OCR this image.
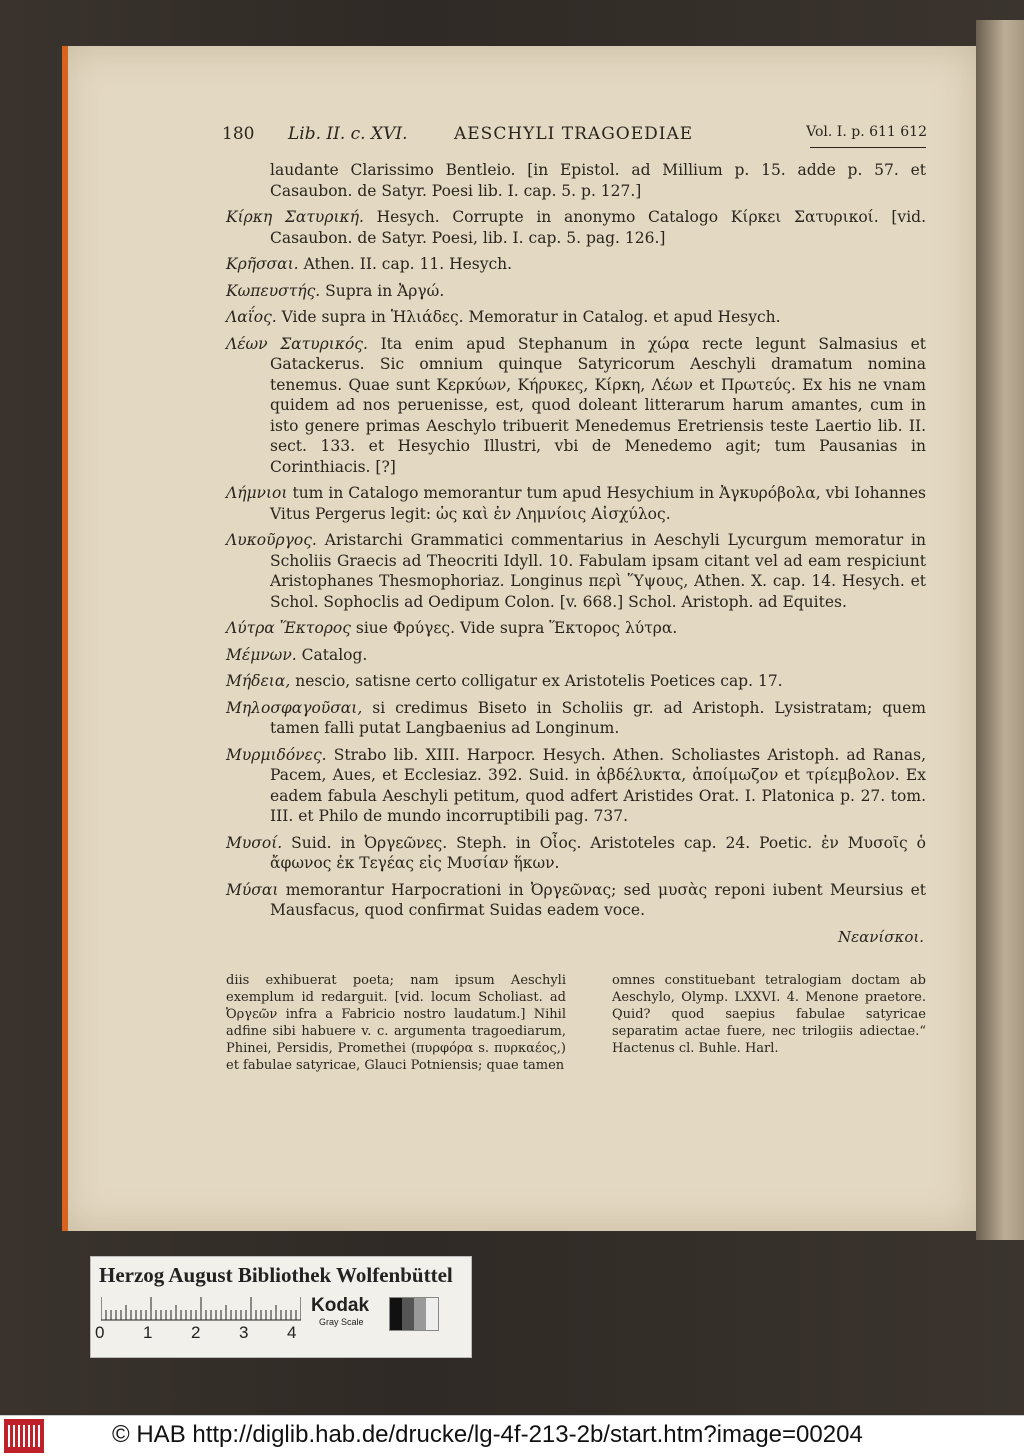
180 Lib. II. c. XVI.	AESCHYLI TRAGOEDIAE	Vol. I. p. 611 612

laudante Clarissimo Bentleio. [in Epistol. ad Millium p. 15. adde p. 57. et Casaubon. de Satyr. Poesi lib. I. cap. 5. p. 127.]

Κίρκη Σατυρική. Hesych. Corrupte in anonymo Catalogo Κίρκει Σατυρικοί. [vid. Casaubon. de Satyr. Poesi, lib. I. cap. 5. pag. 126.]

Κρῆσσαι. Athen. II. cap. 11. Hesych.

Κωπευστής. Supra in Ἀργώ.

Λαΐος. Vide supra in Ἡλιάδες. Memoratur in Catalog. et apud Hesych.

Λέων Σατυρικός. Ita enim apud Stephanum in χώρα recte legunt Salmasius et Gatackerus. Sic omnium quinque Satyricorum Aeschyli dramatum nomina tenemus. Quae sunt Κερκύων, Κήρυκες, Κίρκη, Λέων et Πρωτεύς. Ex his ne vnam quidem ad nos peruenisse, est, quod doleant litterarum harum amantes, cum in isto genere primas Aeschylo tribuerit Menedemus Eretriensis teste Laertio lib. II. sect. 133. et Hesychio Illustri, vbi de Menedemo agit; tum Pausanias in Corinthiacis. [?]

Λήμνιοι tum in Catalogo memorantur tum apud Hesychium in Ἀγκυρόβολα, vbi Iohannes Vitus Pergerus legit: ὡς καὶ ἐν Λημνίοις Αἰσχύλος.

Λυκοῦργος. Aristarchi Grammatici commentarius in Aeschyli Lycurgum memoratur in Scholiis Graecis ad Theocriti Idyll. 10. Fabulam ipsam citant vel ad eam respiciunt Aristophanes Thesmophoriaz. Longinus περὶ Ὕψους, Athen. X. cap. 14. Hesych. et Schol. Sophoclis ad Oedipum Colon. [v. 668.] Schol. Aristoph. ad Equites.

Λύτρα Ἕκτορος siue Φρύγες. Vide supra Ἕκτορος λύτρα.

Μέμνων. Catalog.

Μήδεια, nescio, satisne certo colligatur ex Aristotelis Poetices cap. 17.

Μηλοσφαγοῦσαι, si credimus Biseto in Scholiis gr. ad Aristoph. Lysistratam; quem tamen falli putat Langbaenius ad Longinum.

Μυρμιδόνες. Strabo lib. XIII. Harpocr. Hesych. Athen. Scholiastes Aristoph. ad Ranas, Pacem, Aues, et Ecclesiaz. 392. Suid. in ἀβδέλυκτα, ἀποίμωζον et τρίεμβολον. Ex eadem fabula Aeschyli petitum, quod adfert Aristides Orat. I. Platonica p. 27. tom. III. et Philo de mundo incorruptibili pag. 737.

Μυσοί. Suid. in Ὀργεῶνες. Steph. in Οἶος. Aristoteles cap. 24. Poetic. ἐν Μυσοῖς ὁ ἄφωνος ἐκ Τεγέας εἰς Μυσίαν ἥκων.

Μύσαι memorantur Harpocrationi in Ὀργεῶνας; sed μυσὰς reponi iubent Meursius et Mausfacus, quod confirmat Suidas eadem voce.

Νεανίσκοι.
diis exhibuerat poeta; nam ipsum Aeschyli exemplum id redarguit. [vid. locum Scholiast. ad Ὀργεῶν infra a Fabricio nostro laudatum.] Nihil adfine sibi habuere v. c. argumenta tragoediarum, Phinei, Persidis, Promethei (πυρφόρα s. πυρκαέος,) et fabulae satyricae, Glauci Potniensis; quae tamen
omnes constituebant tetralogiam doctam ab Aeschylo, Olymp. LXXVI. 4. Menone praetore. Quid? quod saepius fabulae satyricae separatim actae fuere, nec trilogiis adiectae.“ Hactenus cl. Buhle. Harl.
Herzog August Bibliothek Wolfenbüttel
0 1 2 3 4
Kodak
Gray Scale
© HAB http://diglib.hab.de/drucke/lg-4f-213-2b/start.htm?image=00204
